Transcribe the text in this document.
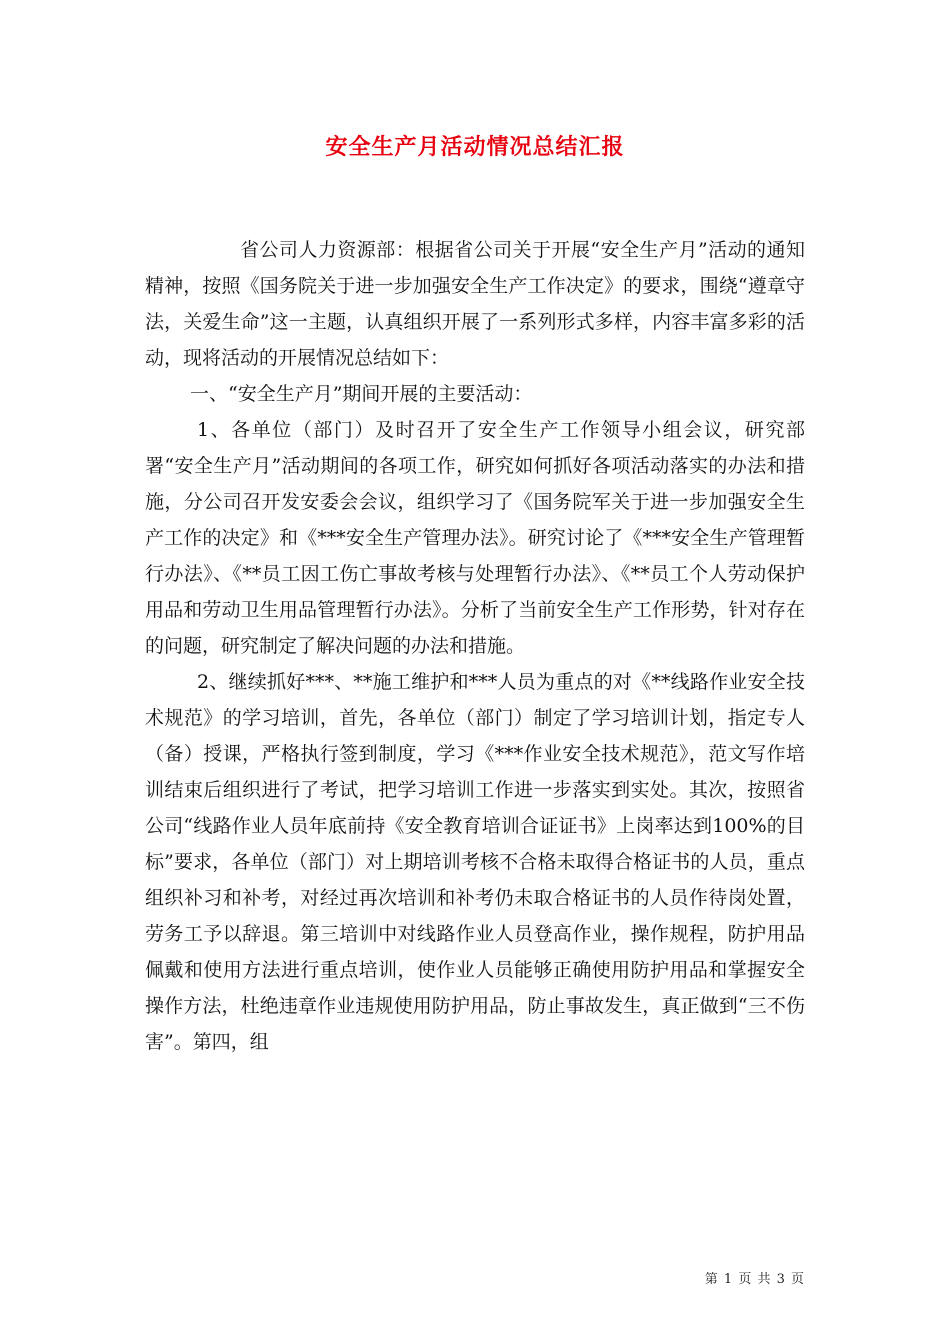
安全生产月活动情况总结汇报

省公司人力资源部：根据省公司关于开展“安全生产月”活动的通知精神，按照《国务院关于进一步加强安全生产工作决定》的要求，围绕“遵章守法，关爱生命”这一主题，认真组织开展了一系列形式多样，内容丰富多彩的活动，现将活动的开展情况总结如下：

一、“安全生产月”期间开展的主要活动：

1、各单位（部门）及时召开了安全生产工作领导小组会议，研究部署“安全生产月”活动期间的各项工作，研究如何抓好各项活动落实的办法和措施，分公司召开发安委会会议，组织学习了《国务院军关于进一步加强安全生产工作的决定》和《***安全生产管理办法》。研究讨论了《***安全生产管理暂行办法》、《**员工因工伤亡事故考核与处理暂行办法》、《**员工个人劳动保护用品和劳动卫生用品管理暂行办法》。分析了当前安全生产工作形势，针对存在的问题，研究制定了解决问题的办法和措施。

2、继续抓好***、**施工维护和***人员为重点的对《**线路作业安全技术规范》的学习培训，首先，各单位（部门）制定了学习培训计划，指定专人（备）授课，严格执行签到制度，学习《***作业安全技术规范》，范文写作培训结束后组织进行了考试，把学习培训工作进一步落实到实处。其次，按照省公司“线路作业人员年底前持《安全教育培训合证证书》上岗率达到100%的目标”要求，各单位（部门）对上期培训考核不合格未取得合格证书的人员，重点组织补习和补考，对经过再次培训和补考仍未取合格证书的人员作待岗处置，劳务工予以辞退。第三培训中对线路作业人员登高作业，操作规程，防护用品佩戴和使用方法进行重点培训，使作业人员能够正确使用防护用品和掌握安全操作方法，杜绝违章作业违规使用防护用品，防止事故发生，真正做到“三不伤害”。第四，组

第 1 页 共 3 页
